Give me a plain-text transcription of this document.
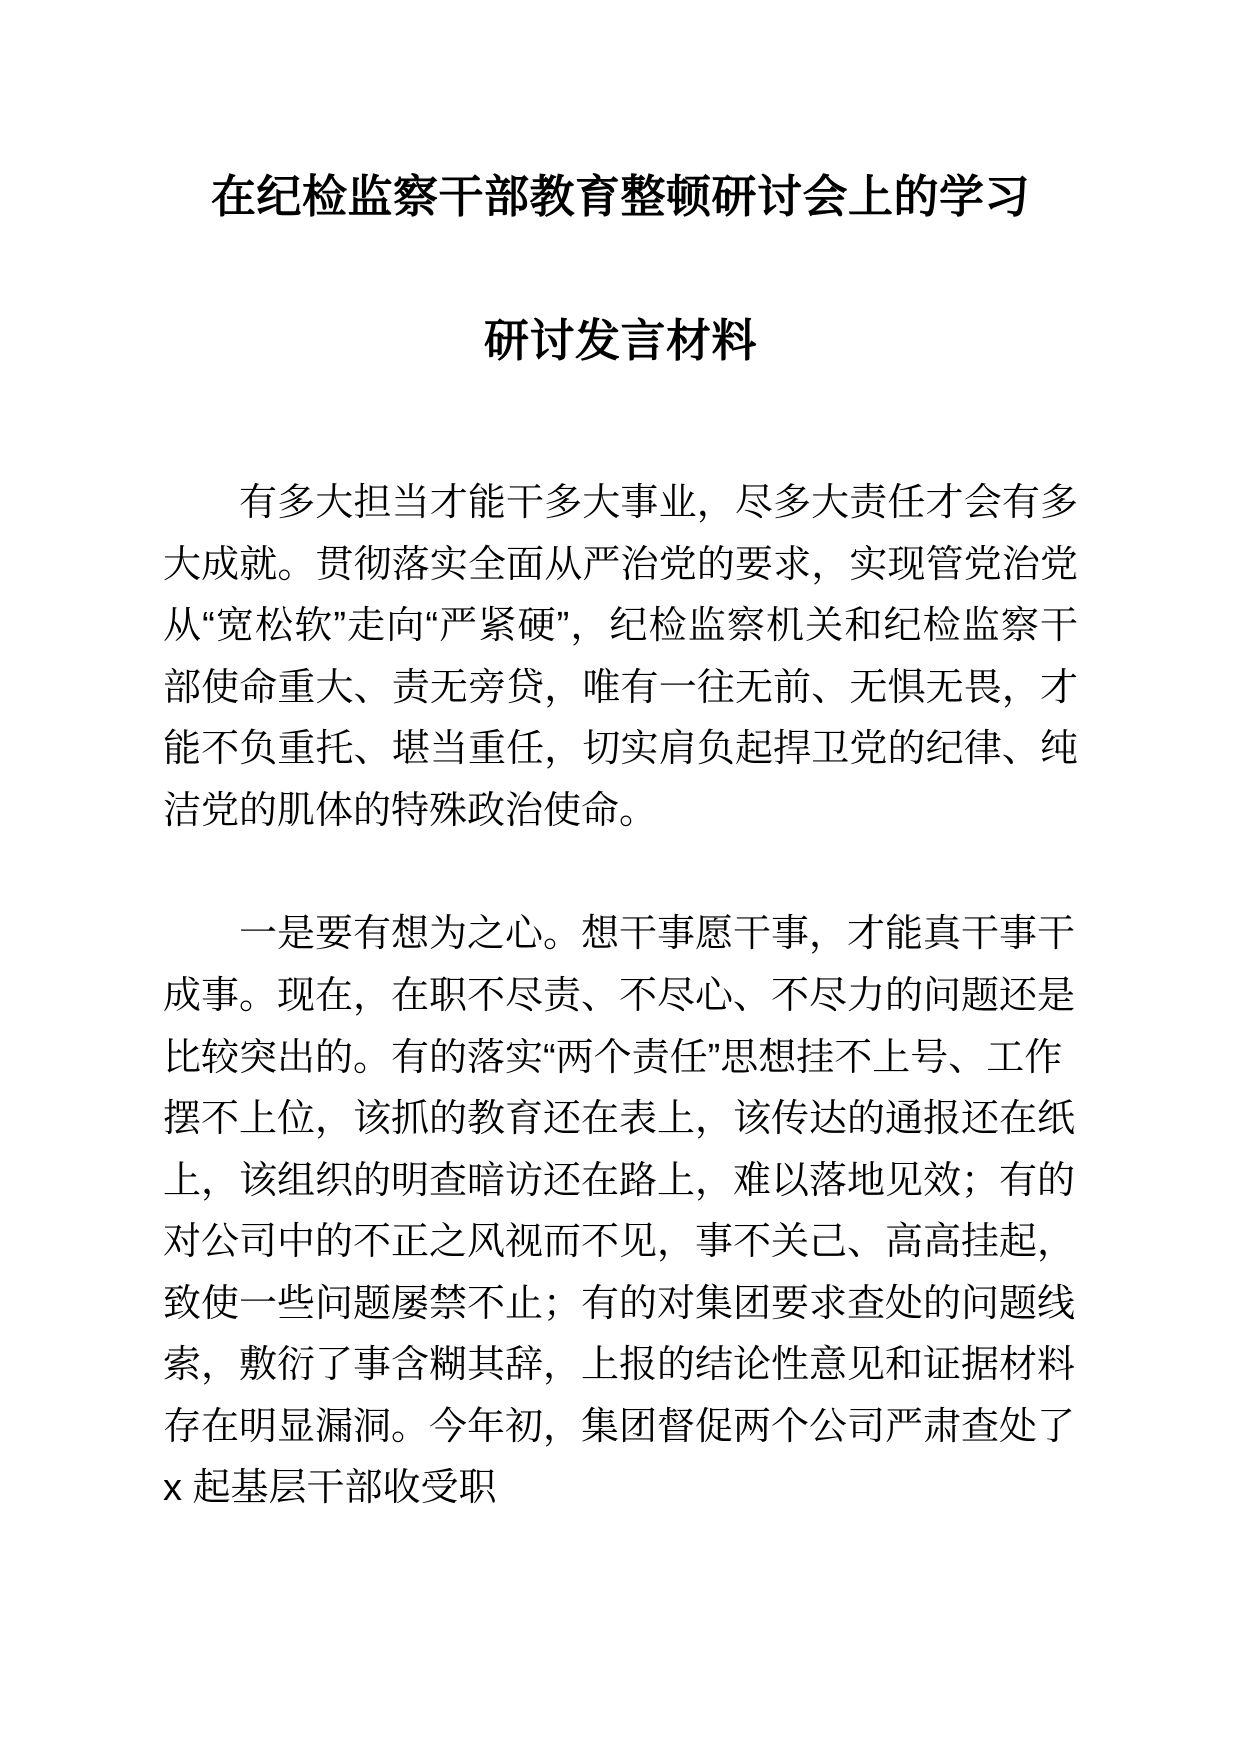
在纪检监察干部教育整顿研讨会上的学习
研讨发言材料

有多大担当才能干多大事业，尽多大责任才会有多大成就。贯彻落实全面从严治党的要求，实现管党治党从“宽松软”走向“严紧硬”，纪检监察机关和纪检监察干部使命重大、责无旁贷，唯有一往无前、无惧无畏，才能不负重托、堪当重任，切实肩负起捍卫党的纪律、纯洁党的肌体的特殊政治使命。

一是要有想为之心。想干事愿干事，才能真干事干成事。现在，在职不尽责、不尽心、不尽力的问题还是比较突出的。有的落实“两个责任”思想挂不上号、工作摆不上位，该抓的教育还在表上，该传达的通报还在纸上，该组织的明查暗访还在路上，难以落地见效；有的对公司中的不正之风视而不见，事不关己、高高挂起，致使一些问题屡禁不止；有的对集团要求查处的问题线索，敷衍了事含糊其辞，上报的结论性意见和证据材料存在明显漏洞。今年初，集团督促两个公司严肃查处了 x 起基层干部收受职
